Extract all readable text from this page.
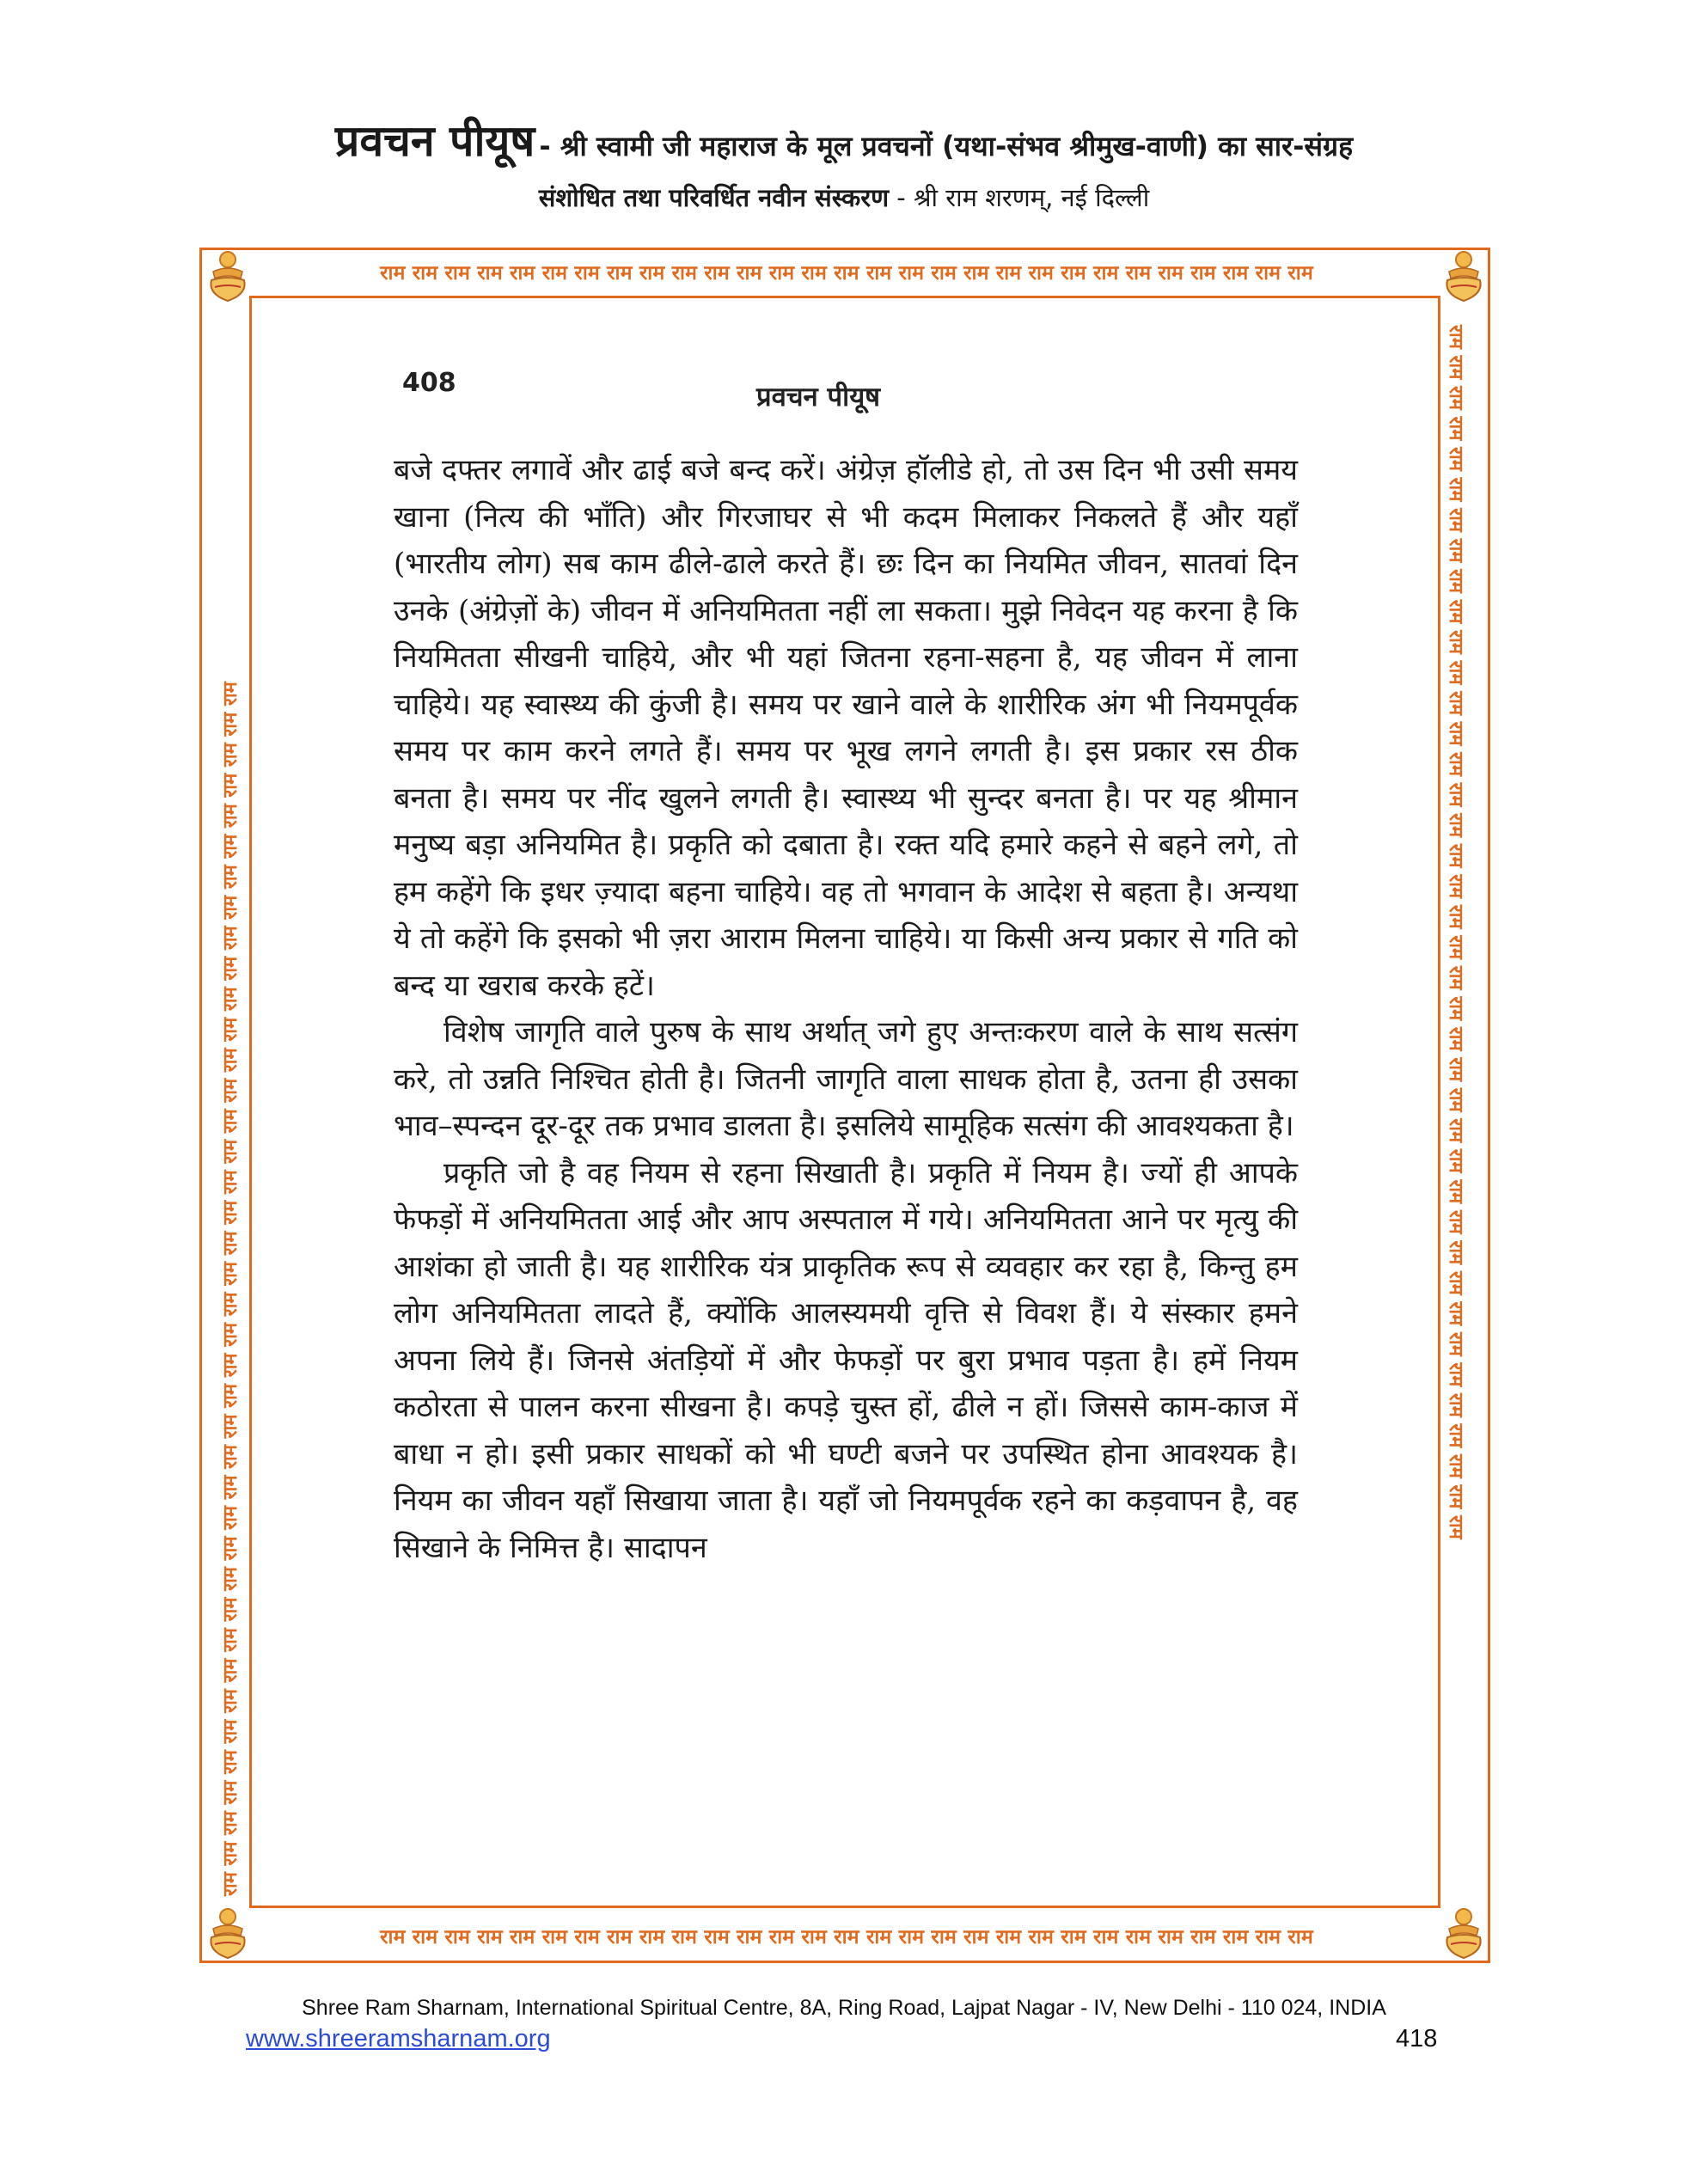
प्रवचन पीयूष - श्री स्वामी जी महाराज के मूल प्रवचनों (यथा-संभव श्रीमुख-वाणी) का सार-संग्रह
संशोधित तथा परिवर्धित नवीन संस्करण - श्री राम शरणम्, नई दिल्ली
राम राम राम राम राम राम राम राम राम राम राम राम राम राम राम राम राम राम राम राम राम राम राम राम राम राम राम राम राम
राम राम राम राम राम राम राम राम राम राम राम राम राम राम राम राम राम राम राम राम राम राम राम राम राम राम राम राम राम
राम राम राम राम राम राम राम राम राम राम राम राम राम राम राम राम राम राम राम राम राम राम राम राम राम राम राम राम राम राम राम राम राम राम राम राम राम राम राम राम	राम राम राम राम राम राम राम राम राम राम राम राम राम राम राम राम राम राम राम राम राम राम राम राम राम राम राम राम राम राम राम राम राम राम राम राम राम राम राम राम
408	प्रवचन पीयूष

बजे दफ्तर लगावें और ढाई बजे बन्द करें। अंग्रेज़ हॉलीडे हो, तो उस दिन भी उसी समय खाना (नित्य की भाँति) और गिरजाघर से भी कदम मिलाकर निकलते हैं और यहाँ (भारतीय लोग) सब काम ढीले-ढाले करते हैं। छः दिन का नियमित जीवन, सातवां दिन उनके (अंग्रेज़ों के) जीवन में अनियमितता नहीं ला सकता। मुझे निवेदन यह करना है कि नियमितता सीखनी चाहिये, और भी यहां जितना रहना-सहना है, यह जीवन में लाना चाहिये। यह स्वास्थ्य की कुंजी है। समय पर खाने वाले के शारीरिक अंग भी नियमपूर्वक समय पर काम करने लगते हैं। समय पर भूख लगने लगती है। इस प्रकार रस ठीक बनता है। समय पर नींद खुलने लगती है। स्वास्थ्य भी सुन्दर बनता है। पर यह श्रीमान मनुष्य बड़ा अनियमित है। प्रकृति को दबाता है। रक्त यदि हमारे कहने से बहने लगे, तो हम कहेंगे कि इधर ज़्यादा बहना चाहिये। वह तो भगवान के आदेश से बहता है। अन्यथा ये तो कहेंगे कि इसको भी ज़रा आराम मिलना चाहिये। या किसी अन्य प्रकार से गति को बन्द या खराब करके हटें।

विशेष जागृति वाले पुरुष के साथ अर्थात् जगे हुए अन्तःकरण वाले के साथ सत्संग करे, तो उन्नति निश्चित होती है। जितनी जागृति वाला साधक होता है, उतना ही उसका भाव–स्पन्दन दूर-दूर तक प्रभाव डालता है। इसलिये सामूहिक सत्संग की आवश्यकता है।

प्रकृति जो है वह नियम से रहना सिखाती है। प्रकृति में नियम है। ज्यों ही आपके फेफड़ों में अनियमितता आई और आप अस्पताल में गये। अनियमितता आने पर मृत्यु की आशंका हो जाती है। यह शारीरिक यंत्र प्राकृतिक रूप से व्यवहार कर रहा है, किन्तु हम लोग अनियमितता लादते हैं, क्योंकि आलस्यमयी वृत्ति से विवश हैं। ये संस्कार हमने अपना लिये हैं। जिनसे अंतड़ियों में और फेफड़ों पर बुरा प्रभाव पड़ता है। हमें नियम कठोरता से पालन करना सीखना है। कपड़े चुस्त हों, ढीले न हों। जिससे काम-काज में बाधा न हो। इसी प्रकार साधकों को भी घण्टी बजने पर उपस्थित होना आवश्यक है। नियम का जीवन यहाँ सिखाया जाता है। यहाँ जो नियमपूर्वक रहने का कड़वापन है, वह सिखाने के निमित्त है। सादापन

Shree Ram Sharnam, International Spiritual Centre, 8A, Ring Road, Lajpat Nagar - IV, New Delhi - 110 024, INDIA
www.shreeramsharnam.org	418
